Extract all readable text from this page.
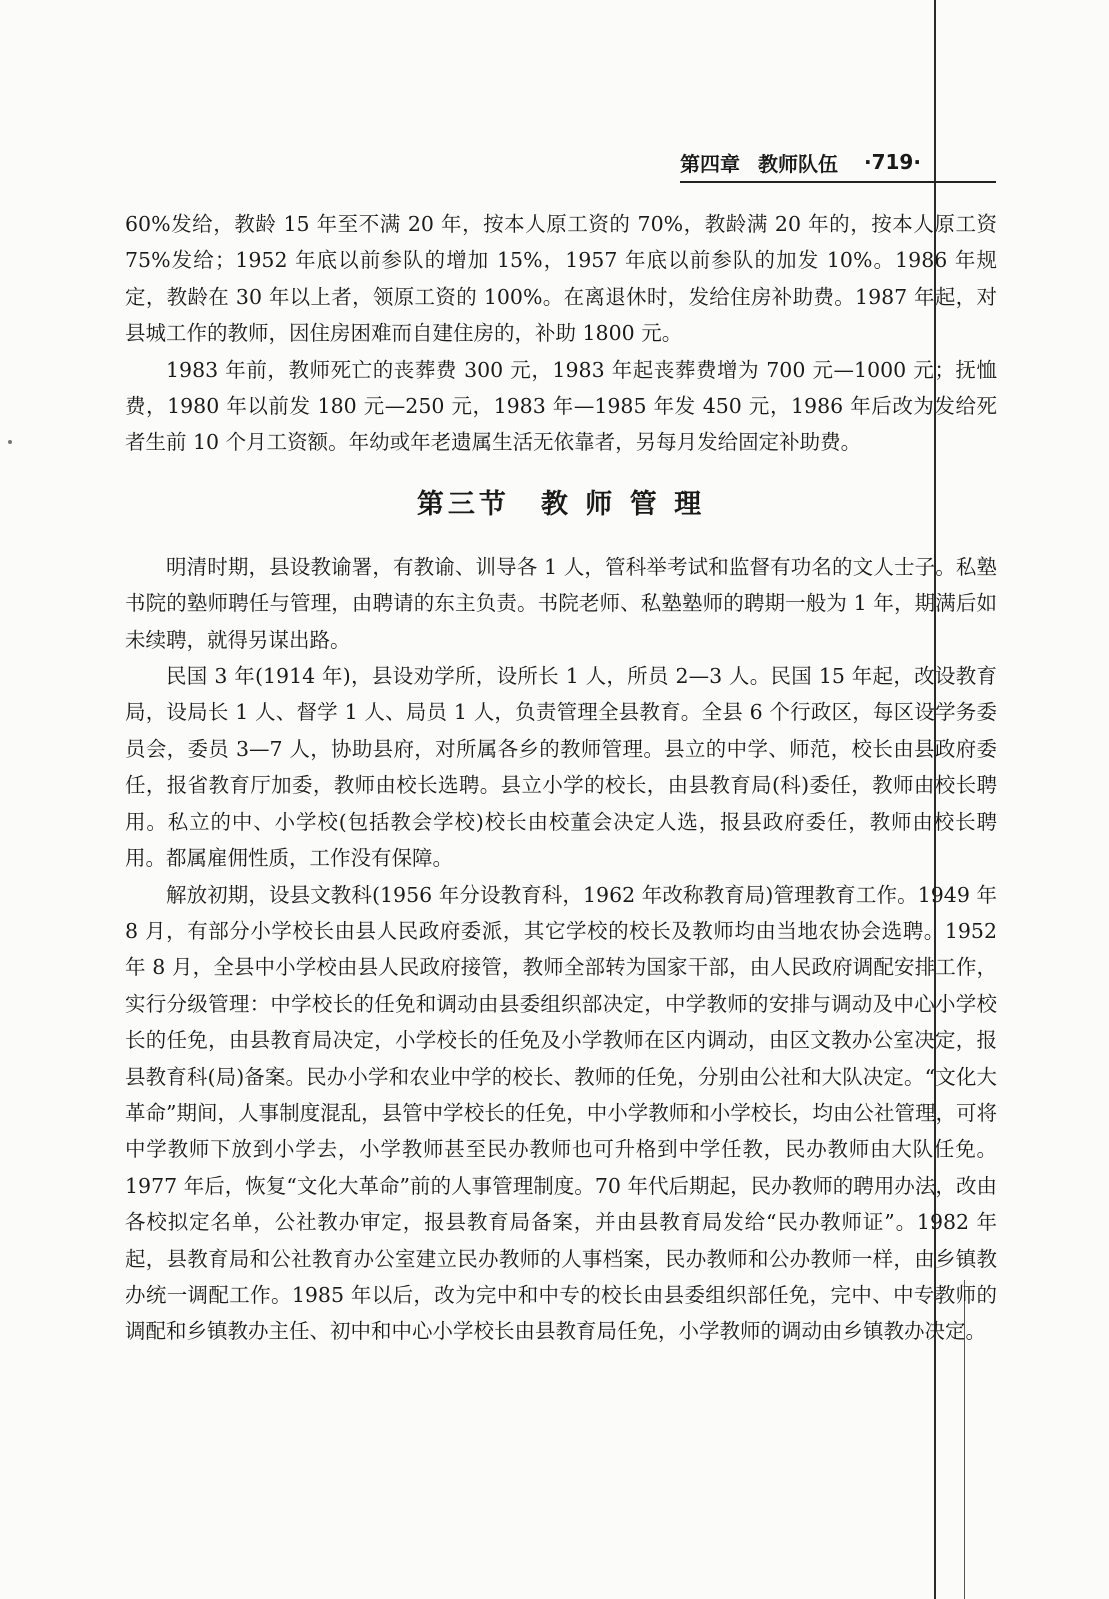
第四章 教师队伍 ·719·

60%发给，教龄 15 年至不满 20 年，按本人原工资的 70%，教龄满 20 年的，按本人原工资 75%发给；1952 年底以前参队的增加 15%，1957 年底以前参队的加发 10%。1986 年规定，教龄在 30 年以上者，领原工资的 100%。在离退休时，发给住房补助费。1987 年起，对县城工作的教师，因住房困难而自建住房的，补助 1800 元。

1983 年前，教师死亡的丧葬费 300 元，1983 年起丧葬费增为 700 元—1000 元；抚恤费，1980 年以前发 180 元—250 元，1983 年—1985 年发 450 元，1986 年后改为发给死者生前 10 个月工资额。年幼或年老遗属生活无依靠者，另每月发给固定补助费。

第三节　教 师 管 理

明清时期，县设教谕署，有教谕、训导各 1 人，管科举考试和监督有功名的文人士子。私塾书院的塾师聘任与管理，由聘请的东主负责。书院老师、私塾塾师的聘期一般为 1 年，期满后如未续聘，就得另谋出路。

民国 3 年(1914 年)，县设劝学所，设所长 1 人，所员 2—3 人。民国 15 年起，改设教育局，设局长 1 人、督学 1 人、局员 1 人，负责管理全县教育。全县 6 个行政区，每区设学务委员会，委员 3—7 人，协助县府，对所属各乡的教师管理。县立的中学、师范，校长由县政府委任，报省教育厅加委，教师由校长选聘。县立小学的校长，由县教育局(科)委任，教师由校长聘用。私立的中、小学校(包括教会学校)校长由校董会决定人选，报县政府委任，教师由校长聘用。都属雇佣性质，工作没有保障。

解放初期，设县文教科(1956 年分设教育科，1962 年改称教育局)管理教育工作。1949 年 8 月，有部分小学校长由县人民政府委派，其它学校的校长及教师均由当地农协会选聘。1952 年 8 月，全县中小学校由县人民政府接管，教师全部转为国家干部，由人民政府调配安排工作，实行分级管理：中学校长的任免和调动由县委组织部决定，中学教师的安排与调动及中心小学校长的任免，由县教育局决定，小学校长的任免及小学教师在区内调动，由区文教办公室决定，报县教育科(局)备案。民办小学和农业中学的校长、教师的任免，分别由公社和大队决定。“文化大革命”期间，人事制度混乱，县管中学校长的任免，中小学教师和小学校长，均由公社管理，可将中学教师下放到小学去，小学教师甚至民办教师也可升格到中学任教，民办教师由大队任免。1977 年后，恢复“文化大革命”前的人事管理制度。70 年代后期起，民办教师的聘用办法，改由各校拟定名单，公社教办审定，报县教育局备案，并由县教育局发给“民办教师证”。1982 年起，县教育局和公社教育办公室建立民办教师的人事档案，民办教师和公办教师一样，由乡镇教办统一调配工作。1985 年以后，改为完中和中专的校长由县委组织部任免，完中、中专教师的调配和乡镇教办主任、初中和中心小学校长由县教育局任免，小学教师的调动由乡镇教办决定。
